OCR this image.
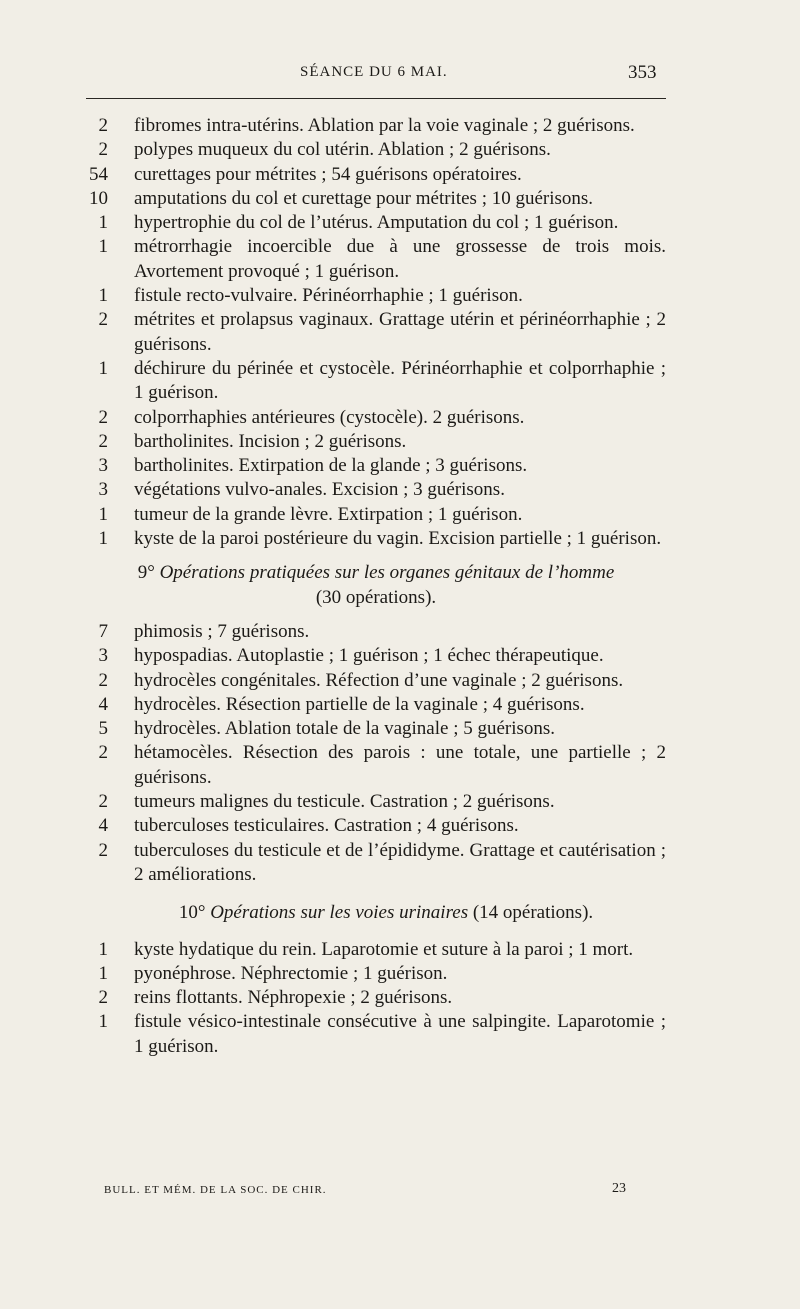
SÉANCE DU 6 MAI.	353
2 fibromes intra-utérins. Ablation par la voie vaginale ; 2 guérisons.
2 polypes muqueux du col utérin. Ablation ; 2 guérisons.
54 curettages pour métrites ; 54 guérisons opératoires.
10 amputations du col et curettage pour métrites ; 10 guérisons.
1 hypertrophie du col de l’utérus. Amputation du col ; 1 guérison.
1 métrorrhagie incoercible due à une grossesse de trois mois. Avortement provoqué ; 1 guérison.
1 fistule recto-vulvaire. Périnéorrhaphie ; 1 guérison.
2 métrites et prolapsus vaginaux. Grattage utérin et périnéorrhaphie ; 2 guérisons.
1 déchirure du périnée et cystocèle. Périnéorrhaphie et colporrhaphie ; 1 guérison.
2 colporrhaphies antérieures (cystocèle). 2 guérisons.
2 bartholinites. Incision ; 2 guérisons.
3 bartholinites. Extirpation de la glande ; 3 guérisons.
3 végétations vulvo-anales. Excision ; 3 guérisons.
1 tumeur de la grande lèvre. Extirpation ; 1 guérison.
1 kyste de la paroi postérieure du vagin. Excision partielle ; 1 guérison.
9° Opérations pratiquées sur les organes génitaux de l’homme
(30 opérations).
7 phimosis ; 7 guérisons.
3 hypospadias. Autoplastie ; 1 guérison ; 1 échec thérapeutique.
2 hydrocèles congénitales. Réfection d’une vaginale ; 2 guérisons.
4 hydrocèles. Résection partielle de la vaginale ; 4 guérisons.
5 hydrocèles. Ablation totale de la vaginale ; 5 guérisons.
2 hétamocèles. Résection des parois : une totale, une partielle ; 2 guérisons.
2 tumeurs malignes du testicule. Castration ; 2 guérisons.
4 tuberculoses testiculaires. Castration ; 4 guérisons.
2 tuberculoses du testicule et de l’épididyme. Grattage et cautérisation ; 2 améliorations.
10° Opérations sur les voies urinaires (14 opérations).
1 kyste hydatique du rein. Laparotomie et suture à la paroi ; 1 mort.
1 pyonéphrose. Néphrectomie ; 1 guérison.
2 reins flottants. Néphropexie ; 2 guérisons.
1 fistule vésico-intestinale consécutive à une salpingite. Laparotomie ; 1 guérison.
BULL. ET MÉM. DE LA SOC. DE CHIR.	23
